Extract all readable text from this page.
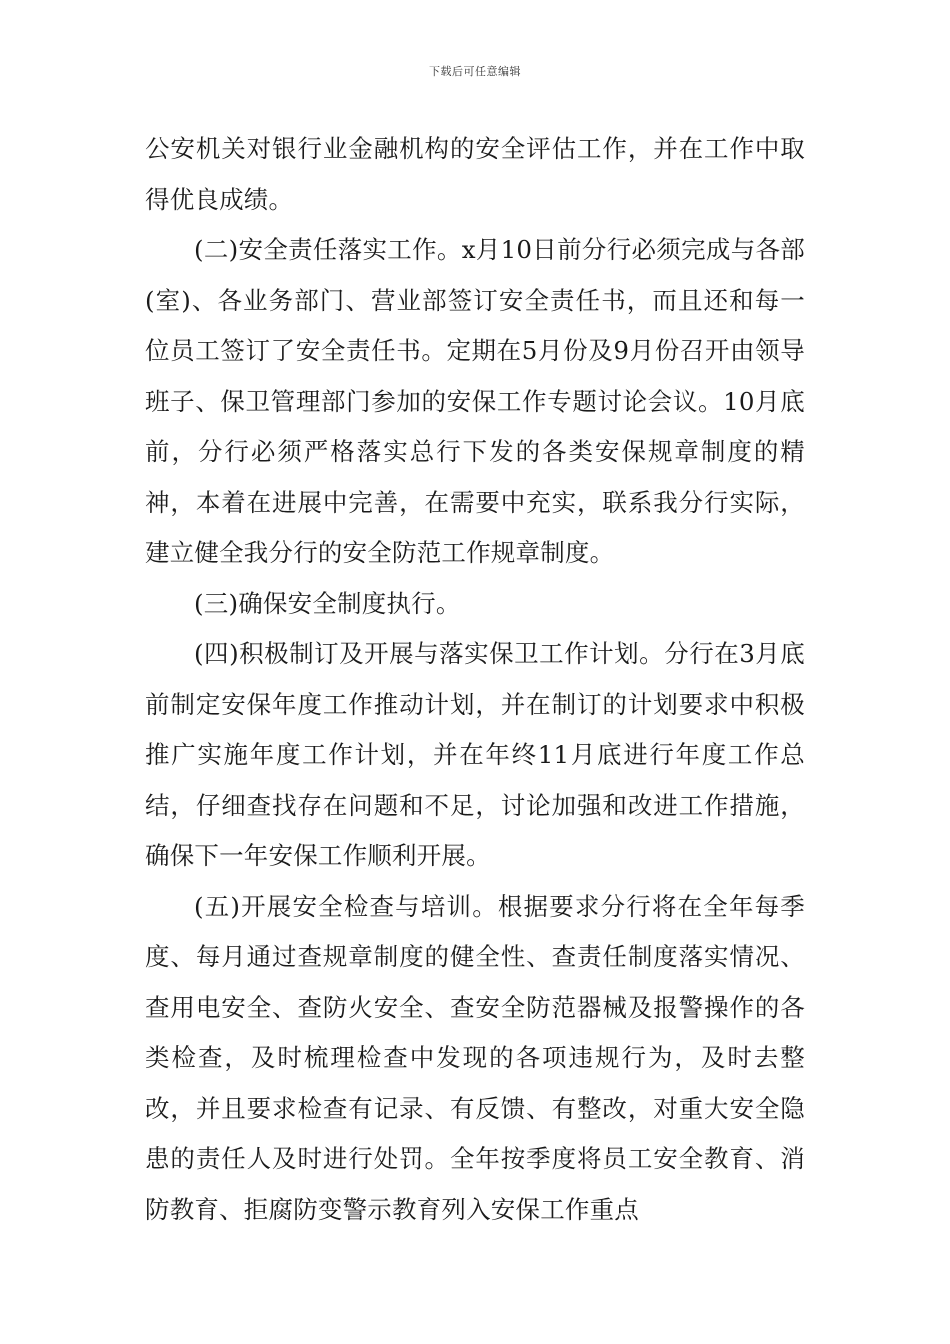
下载后可任意编辑

公安机关对银行业金融机构的安全评估工作，并在工作中取得优良成绩。

(二)安全责任落实工作。x月10日前分行必须完成与各部(室)、各业务部门、营业部签订安全责任书，而且还和每一位员工签订了安全责任书。定期在5月份及9月份召开由领导班子、保卫管理部门参加的安保工作专题讨论会议。10月底前，分行必须严格落实总行下发的各类安保规章制度的精神，本着在进展中完善，在需要中充实，联系我分行实际，建立健全我分行的安全防范工作规章制度。

(三)确保安全制度执行。

(四)积极制订及开展与落实保卫工作计划。分行在3月底前制定安保年度工作推动计划，并在制订的计划要求中积极推广实施年度工作计划，并在年终11月底进行年度工作总结，仔细查找存在问题和不足，讨论加强和改进工作措施，确保下一年安保工作顺利开展。

(五)开展安全检查与培训。根据要求分行将在全年每季度、每月通过查规章制度的健全性、查责任制度落实情况、查用电安全、查防火安全、查安全防范器械及报警操作的各类检查，及时梳理检查中发现的各项违规行为，及时去整改，并且要求检查有记录、有反馈、有整改，对重大安全隐患的责任人及时进行处罚。全年按季度将员工安全教育、消防教育、拒腐防变警示教育列入安保工作重点
